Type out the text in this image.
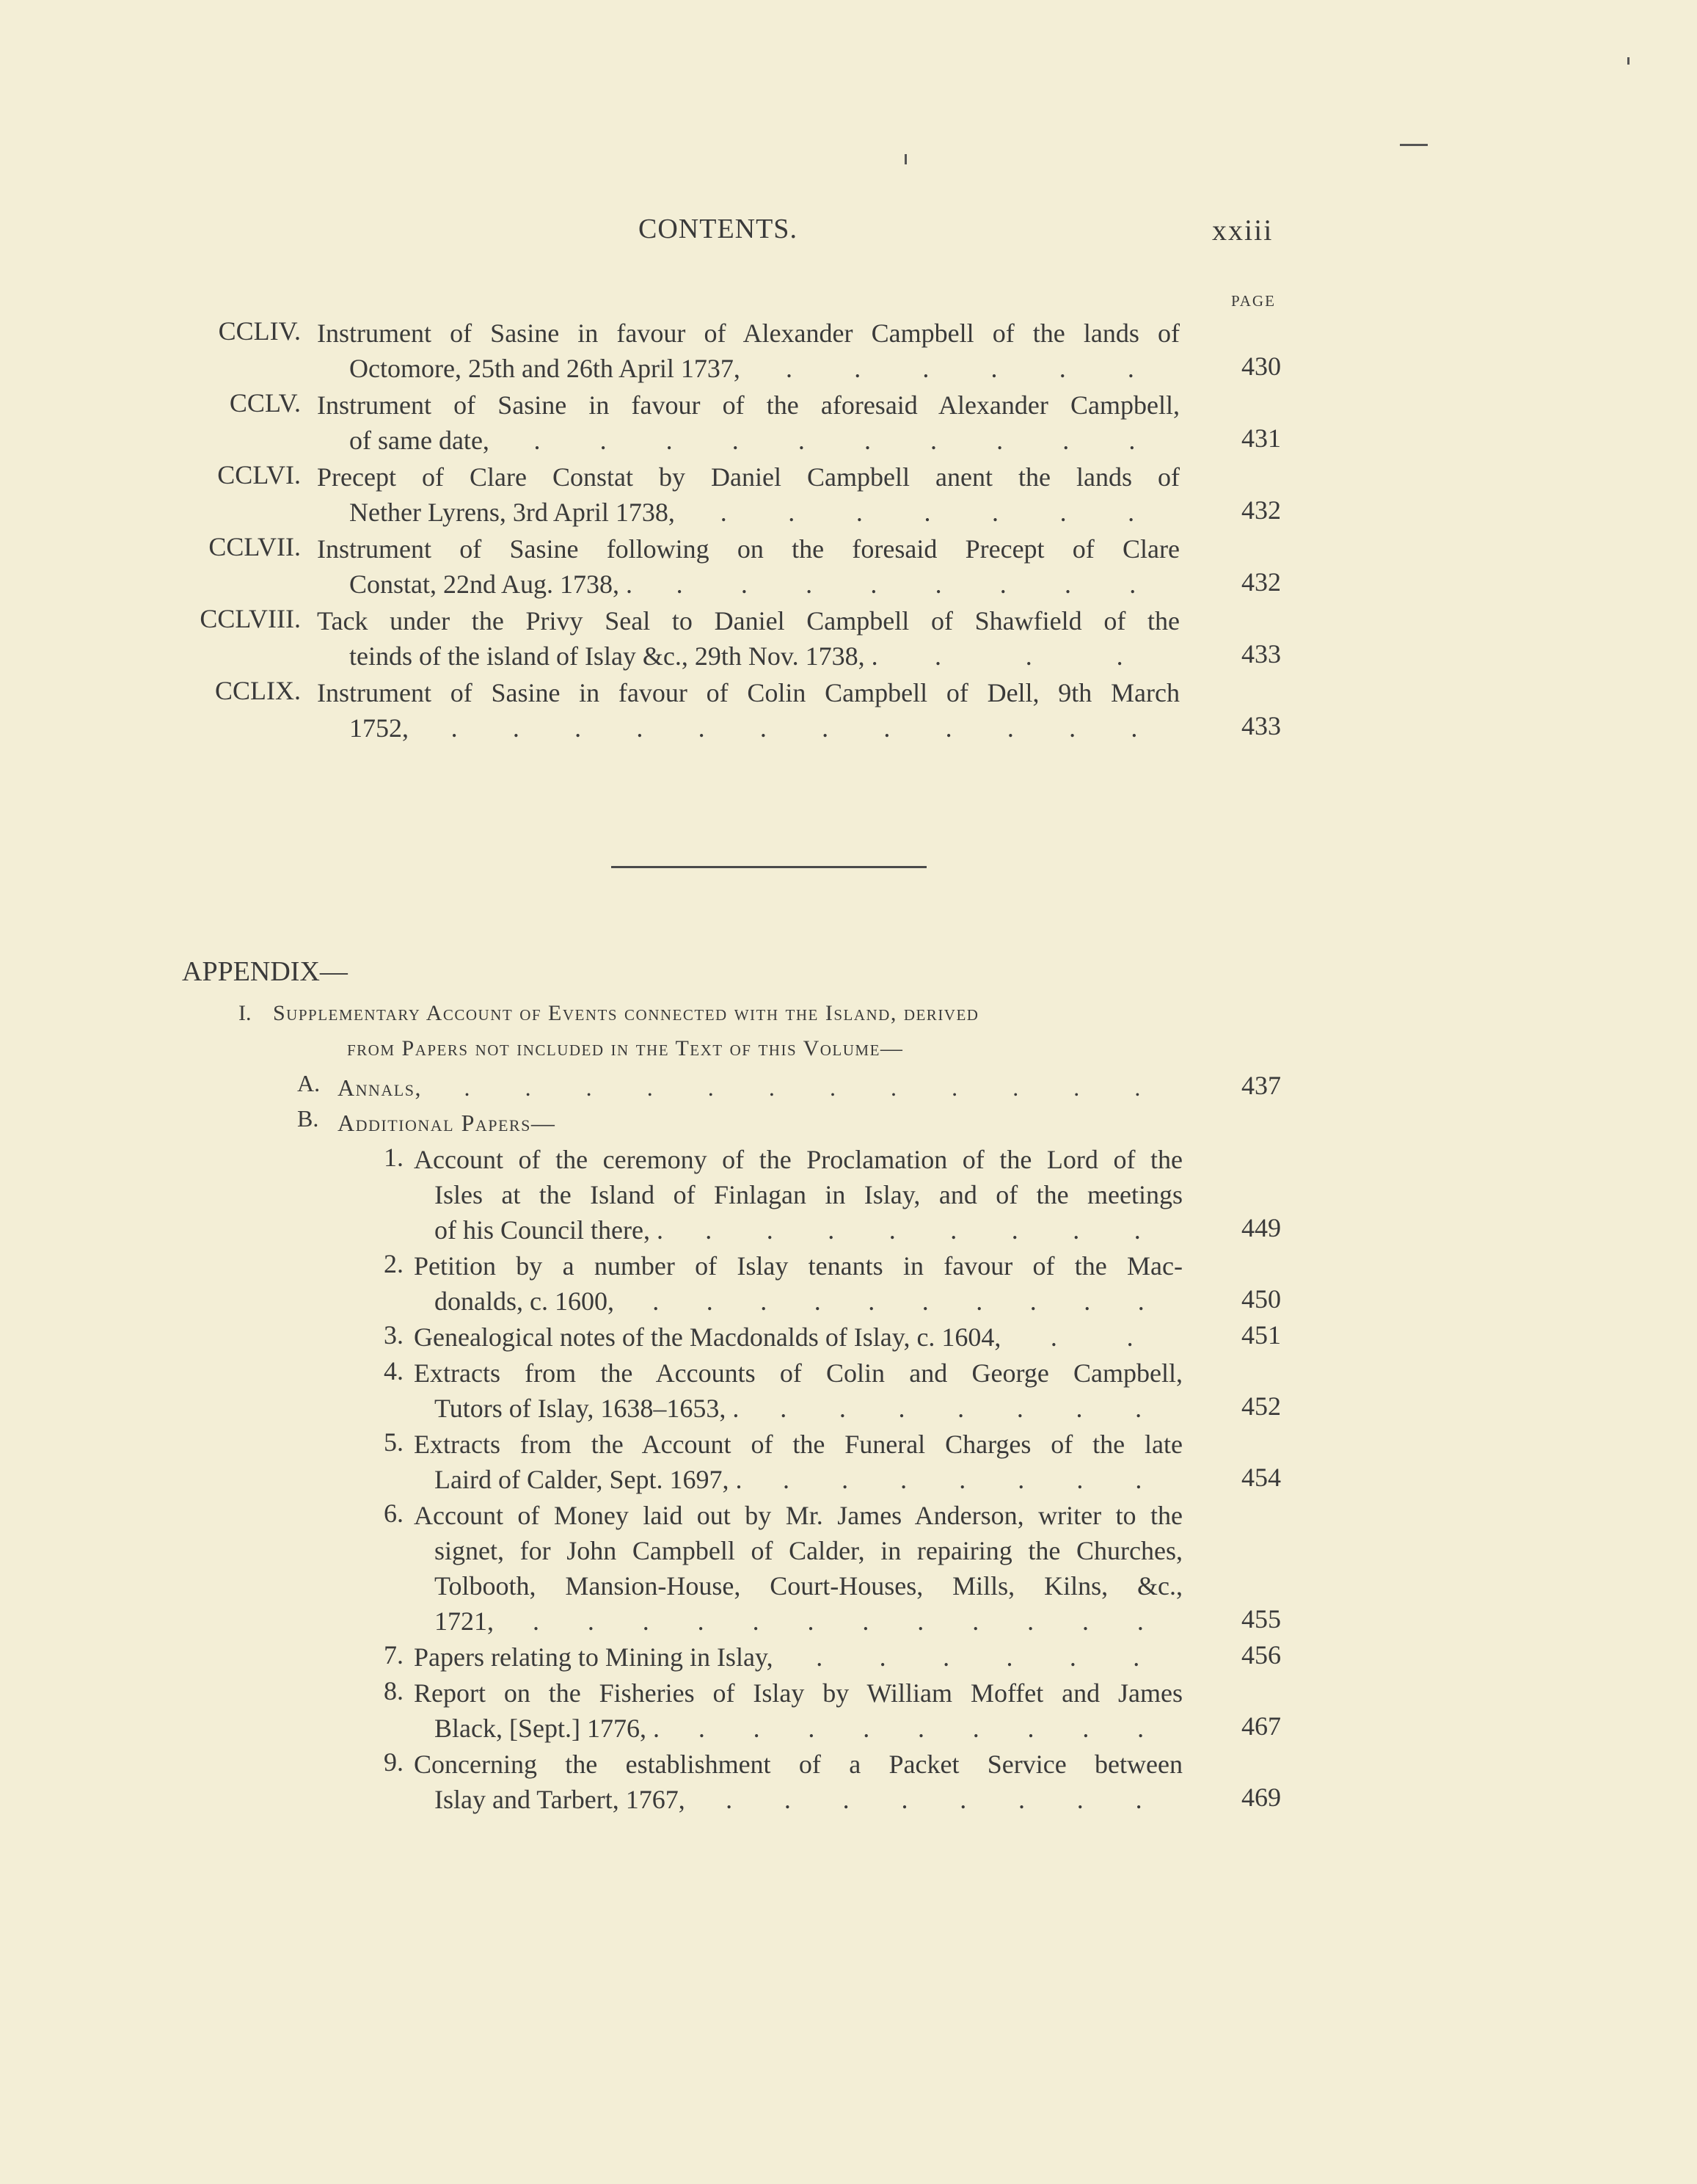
CONTENTS.	xxiii
PAGE
CCLIV. Instrument of Sasine in favour of Alexander Campbell of the lands of
Octomore, 25th and 26th April 1737, . . . . . .	430
CCLV. Instrument of Sasine in favour of the aforesaid Alexander Campbell,
of same date, . . . . . . . . . .	431
CCLVI. Precept of Clare Constat by Daniel Campbell anent the lands of
Nether Lyrens, 3rd April 1738, . . . . . . .	432
CCLVII. Instrument of Sasine following on the foresaid Precept of Clare
Constat, 22nd Aug. 1738, . . . . . . . . .	432
CCLVIII. Tack under the Privy Seal to Daniel Campbell of Shawfield of the
teinds of the island of Islay &c., 29th Nov. 1738, . .	.	.	433
CCLIX. Instrument of Sasine in favour of Colin Campbell of Dell, 9th March
1752, . . . . . . . . . . . .	433
APPENDIX—
I. Supplementary Account of Events connected with the Island, derived
from Papers not included in the Text of this Volume—
A. Annals, . . . . . . . . . . . .	437
B. Additional Papers—
1. Account of the ceremony of the Proclamation of the Lord of the
Isles at the Island of Finlagan in Islay, and of the meetings
of his Council there, . . . . . . . . .	449
2. Petition by a number of Islay tenants in favour of the Mac-
donalds, c. 1600, . . . . . . . . . .	450
3. Genealogical notes of the Macdonalds of Islay, c. 1604, .	.	451
4. Extracts from the Accounts of Colin and George Campbell,
Tutors of Islay, 1638–1653, . . . . . . . .	452
5. Extracts from the Account of the Funeral Charges of the late
Laird of Calder, Sept. 1697, . . . . . . . .	454
6. Account of Money laid out by Mr. James Anderson, writer to the
signet, for John Campbell of Calder, in repairing the Churches,
Tolbooth, Mansion-House, Court-Houses, Mills, Kilns, &c.,
1721, . . . . . . . . . . . .	455
7. Papers relating to Mining in Islay, . . . . . .	456
8. Report on the Fisheries of Islay by William Moffet and James
Black, [Sept.] 1776, . . . . . . . . . .	467
9. Concerning the establishment of a Packet Service between
Islay and Tarbert, 1767, . . . . . . . .	469
